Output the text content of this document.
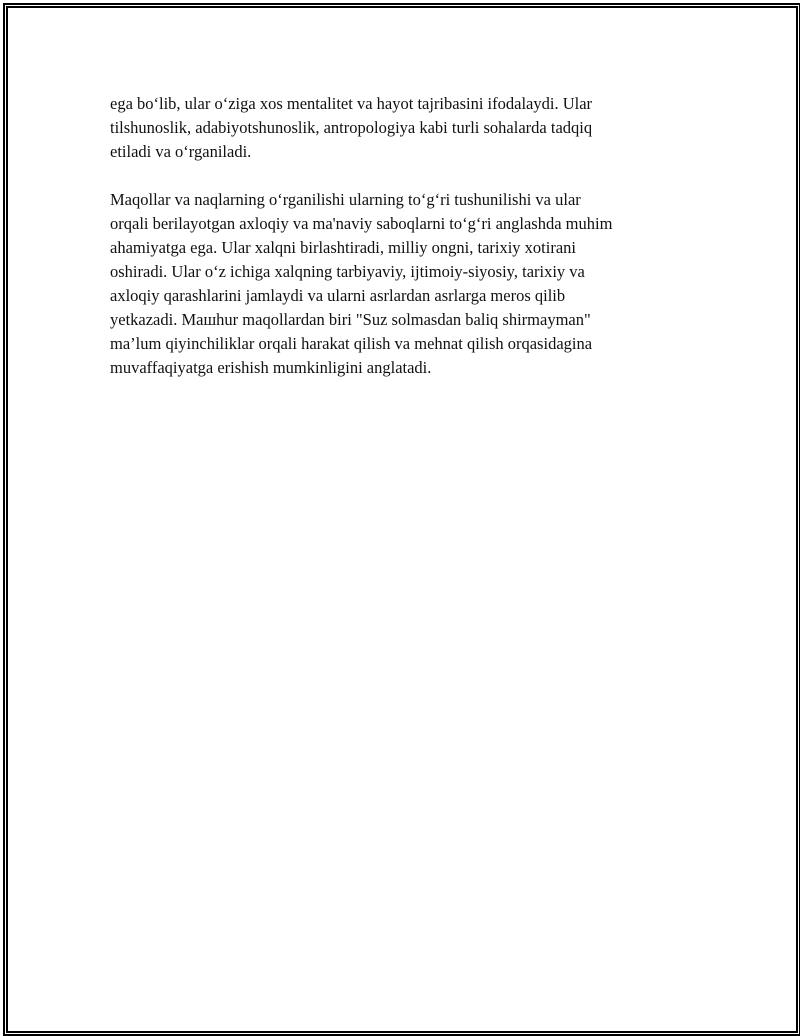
ega bo‘lib, ular o‘ziga xos mentalitet va hayot tajribasini ifodalaydi. Ular
tilshunoslik, adabiyotshunoslik, antropologiya kabi turli sohalarda tadqiq
etiladi va o‘rganiladi.

Maqollar va naqlarning o‘rganilishi ularning to‘g‘ri tushunilishi va ular
orqali berilayotgan axloqiy va ma'naviy saboqlarni to‘g‘ri anglashda muhim
ahamiyatga ega. Ular xalqni birlashtiradi, milliy ongni, tarixiy xotirani
oshiradi. Ular o‘z ichiga xalqning tarbiyaviy, ijtimoiy-siyosiy, tarixiy va
axloqiy qarashlarini jamlaydi va ularni asrlardan asrlarga meros qilib
yetkazadi. Mашhur maqollardan biri "Suz solmasdan baliq shirmayman"
ma’lum qiyinchiliklar orqali harakat qilish va mehnat qilish orqasidagina
muvaffaqiyatga erishish mumkinligini anglatadi.
